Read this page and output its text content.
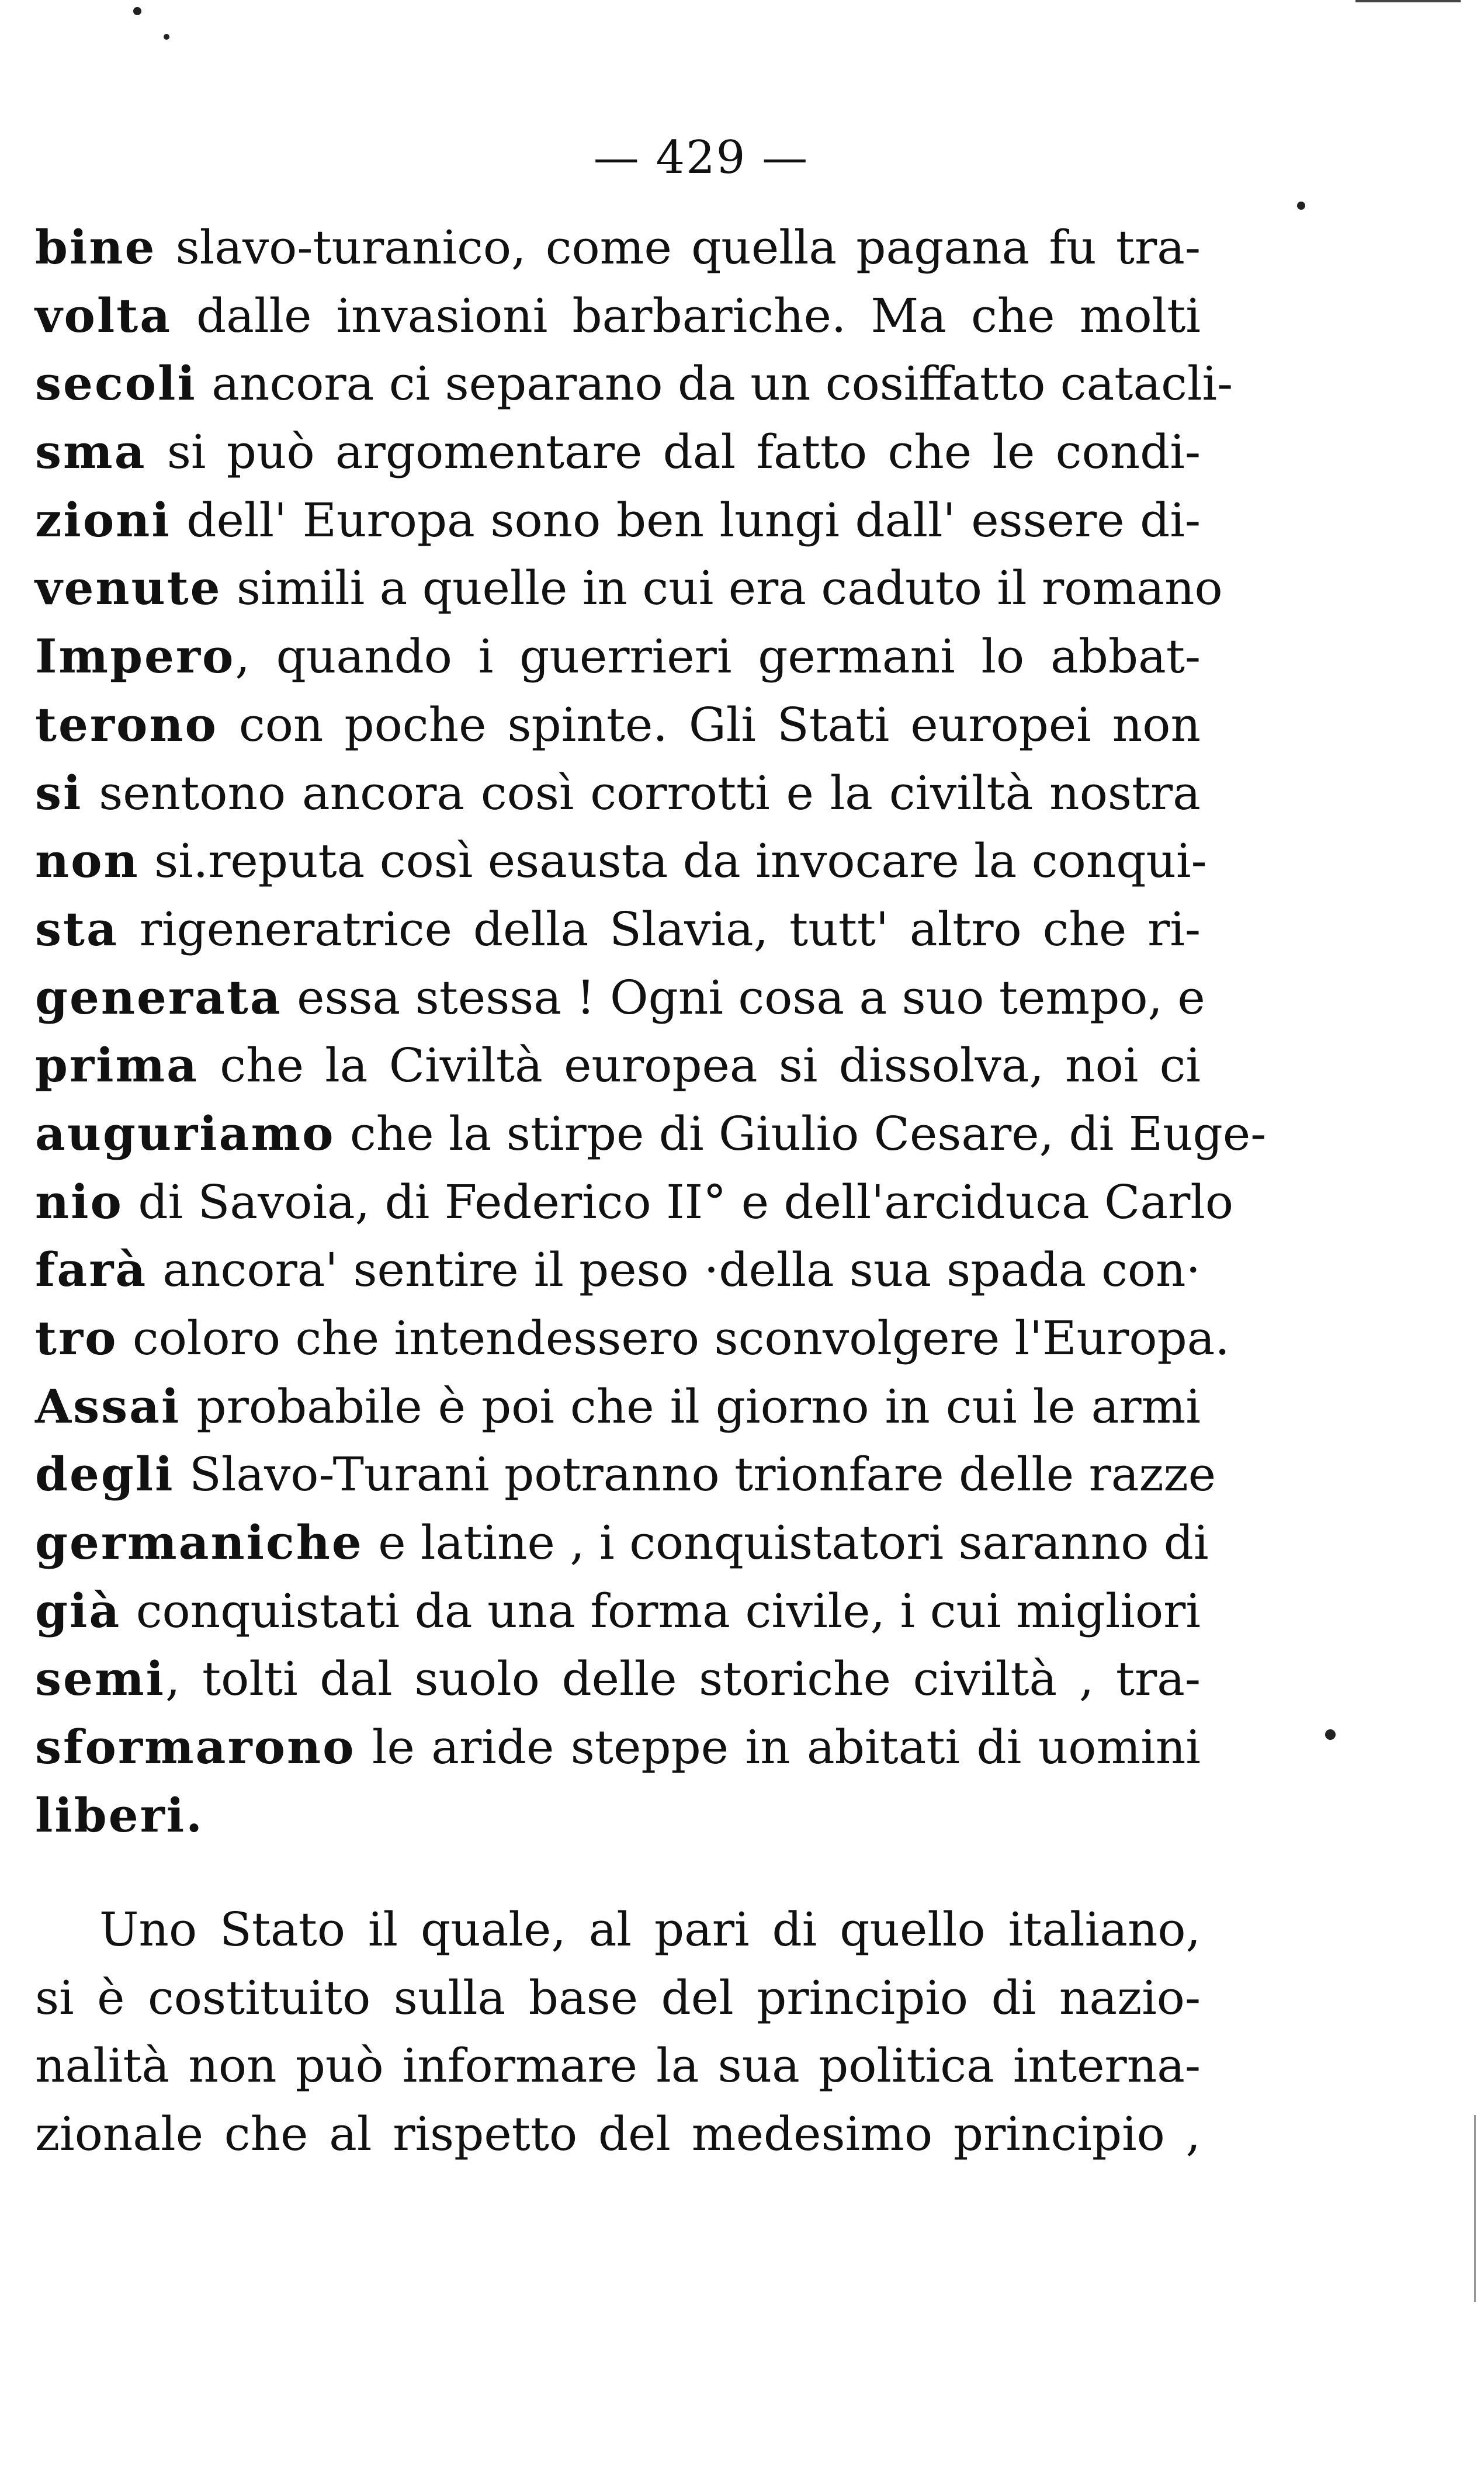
— 429 —
bine slavo-turanico, come quella pagana fu tra-
volta dalle invasioni barbariche. Ma che molti
secoli ancora ci separano da un cosiffatto catacli-
sma si può argomentare dal fatto che le condi-
zioni dell' Europa sono ben lungi dall' essere di-
venute simili a quelle in cui era caduto il romano
Impero, quando i guerrieri germani lo abbat-
terono con poche spinte. Gli Stati europei non
si sentono ancora così corrotti e la civiltà nostra
non si.reputa così esausta da invocare la conqui-
sta rigeneratrice della Slavia, tutt' altro che ri-
generata essa stessa ! Ogni cosa a suo tempo, e
prima che la Civiltà europea si dissolva, noi ci
auguriamo che la stirpe di Giulio Cesare, di Euge-
nio di Savoia, di Federico II° e dell'arciduca Carlo
farà ancora' sentire il peso ·della sua spada con·
tro coloro che intendessero sconvolgere l'Europa.
Assai probabile è poi che il giorno in cui le armi
degli Slavo-Turani potranno trionfare delle razze
germaniche e latine , i conquistatori saranno di
già conquistati da una forma civile, i cui migliori
semi, tolti dal suolo delle storiche civiltà , tra-
sformarono le aride steppe in abitati di uomini
liberi.
Uno Stato il quale, al pari di quello italiano,
si è costituito sulla base del principio di nazio-
nalità non può informare la sua politica interna-
zionale che al rispetto del medesimo principio ,
